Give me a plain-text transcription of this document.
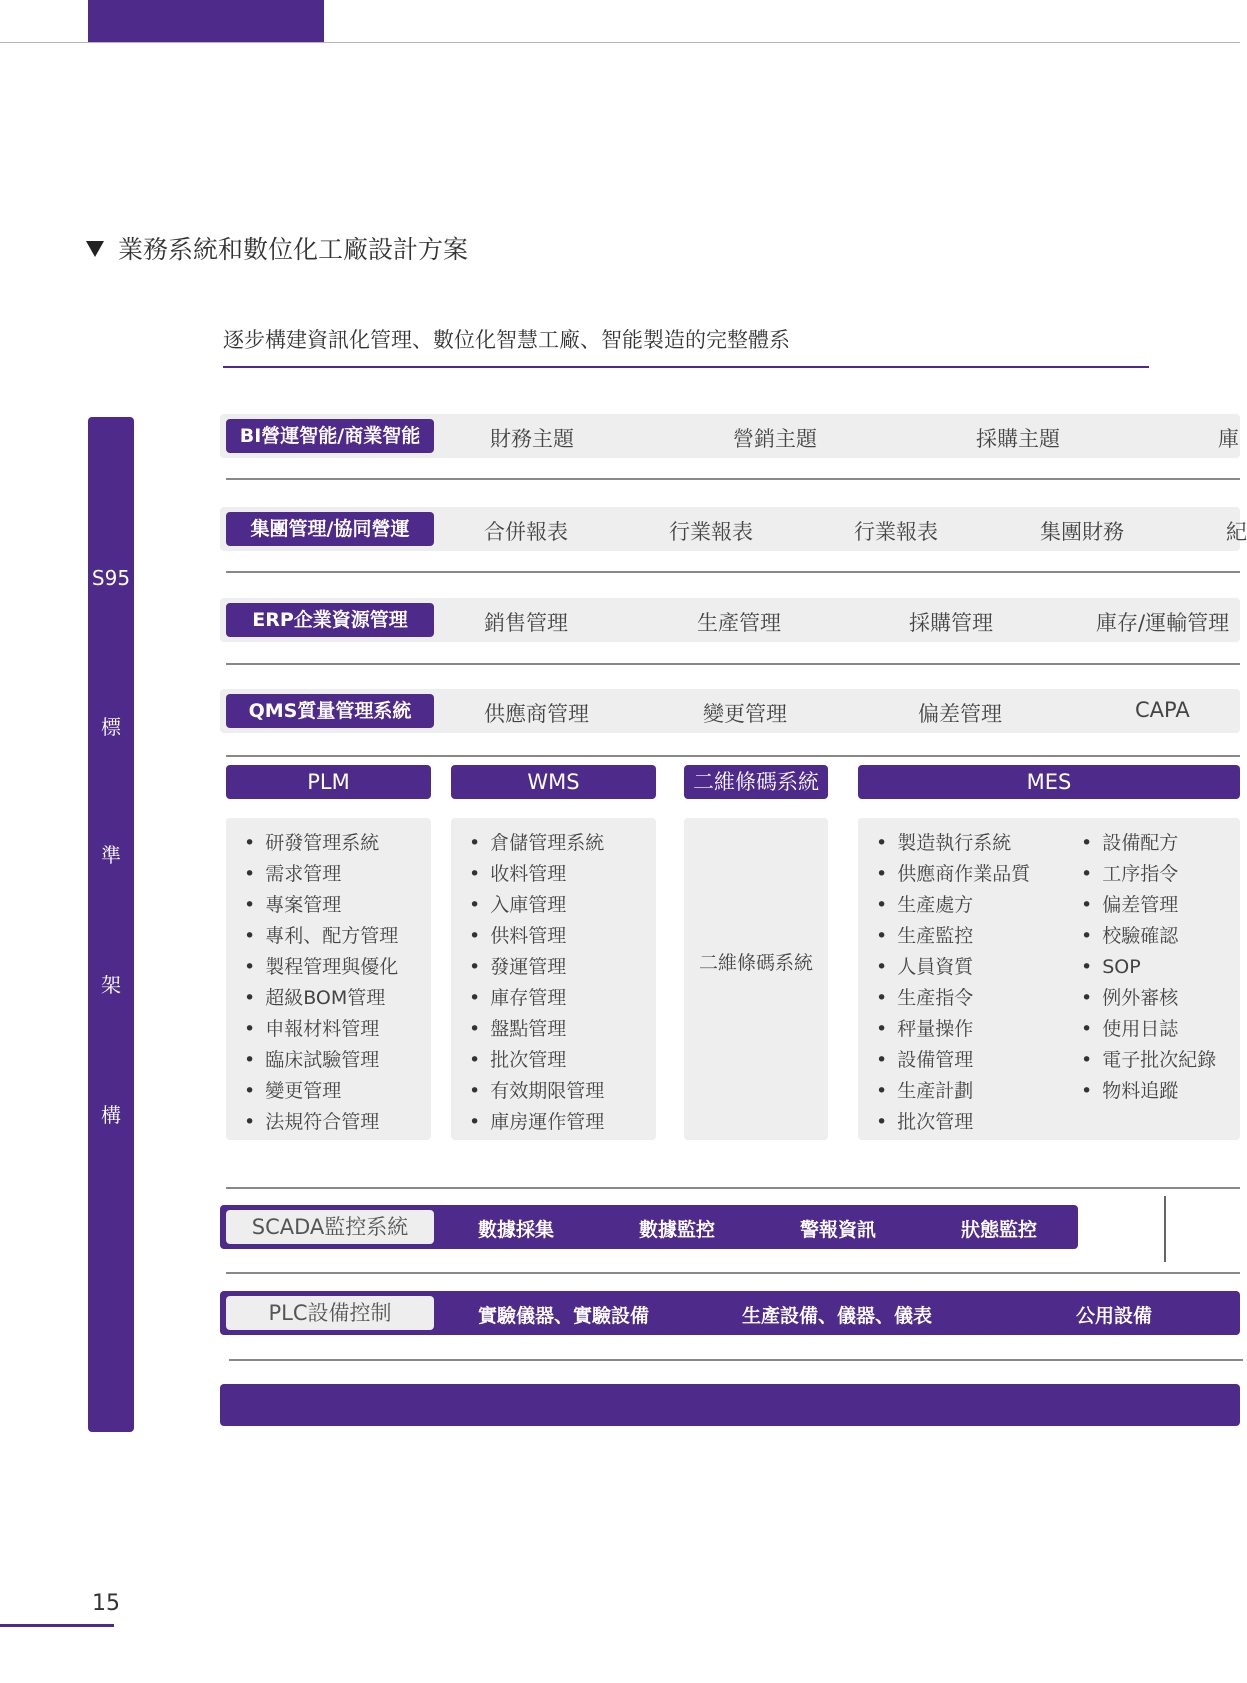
業務系統和數位化工廠設計方案
逐步構建資訊化管理、數位化智慧工廠、智能製造的完整體系
S95
標
準
架
構
BI營運智能/商業智能	財務主題	營銷主題	採購主題	庫
集團管理/協同營運	合併報表	行業報表	行業報表	集團財務	紀
ERP企業資源管理	銷售管理	生產管理	採購管理	庫存/運輸管理
QMS質量管理系統	供應商管理	變更管理	偏差管理	CAPA
PLM	WMS	二維條碼系統	MES
• 研發管理系統
• 需求管理
• 專案管理
• 專利、配方管理
• 製程管理與優化
• 超級BOM管理
• 申報材料管理
• 臨床試驗管理
• 變更管理
• 法規符合管理
• 倉儲管理系統
• 收料管理
• 入庫管理
• 供料管理
• 發運管理
• 庫存管理
• 盤點管理
• 批次管理
• 有效期限管理
• 庫房運作管理
二維條碼系統
• 製造執行系統
• 供應商作業品質
• 生產處方
• 生產監控
• 人員資質
• 生產指令
• 秤量操作
• 設備管理
• 生產計劃
• 批次管理
• 設備配方
• 工序指令
• 偏差管理
• 校驗確認
• SOP
• 例外審核
• 使用日誌
• 電子批次紀錄
• 物料追蹤
SCADA監控系統	數據採集	數據監控	警報資訊	狀態監控
PLC設備控制	實驗儀器、實驗設備	生產設備、儀器、儀表	公用設備
15
